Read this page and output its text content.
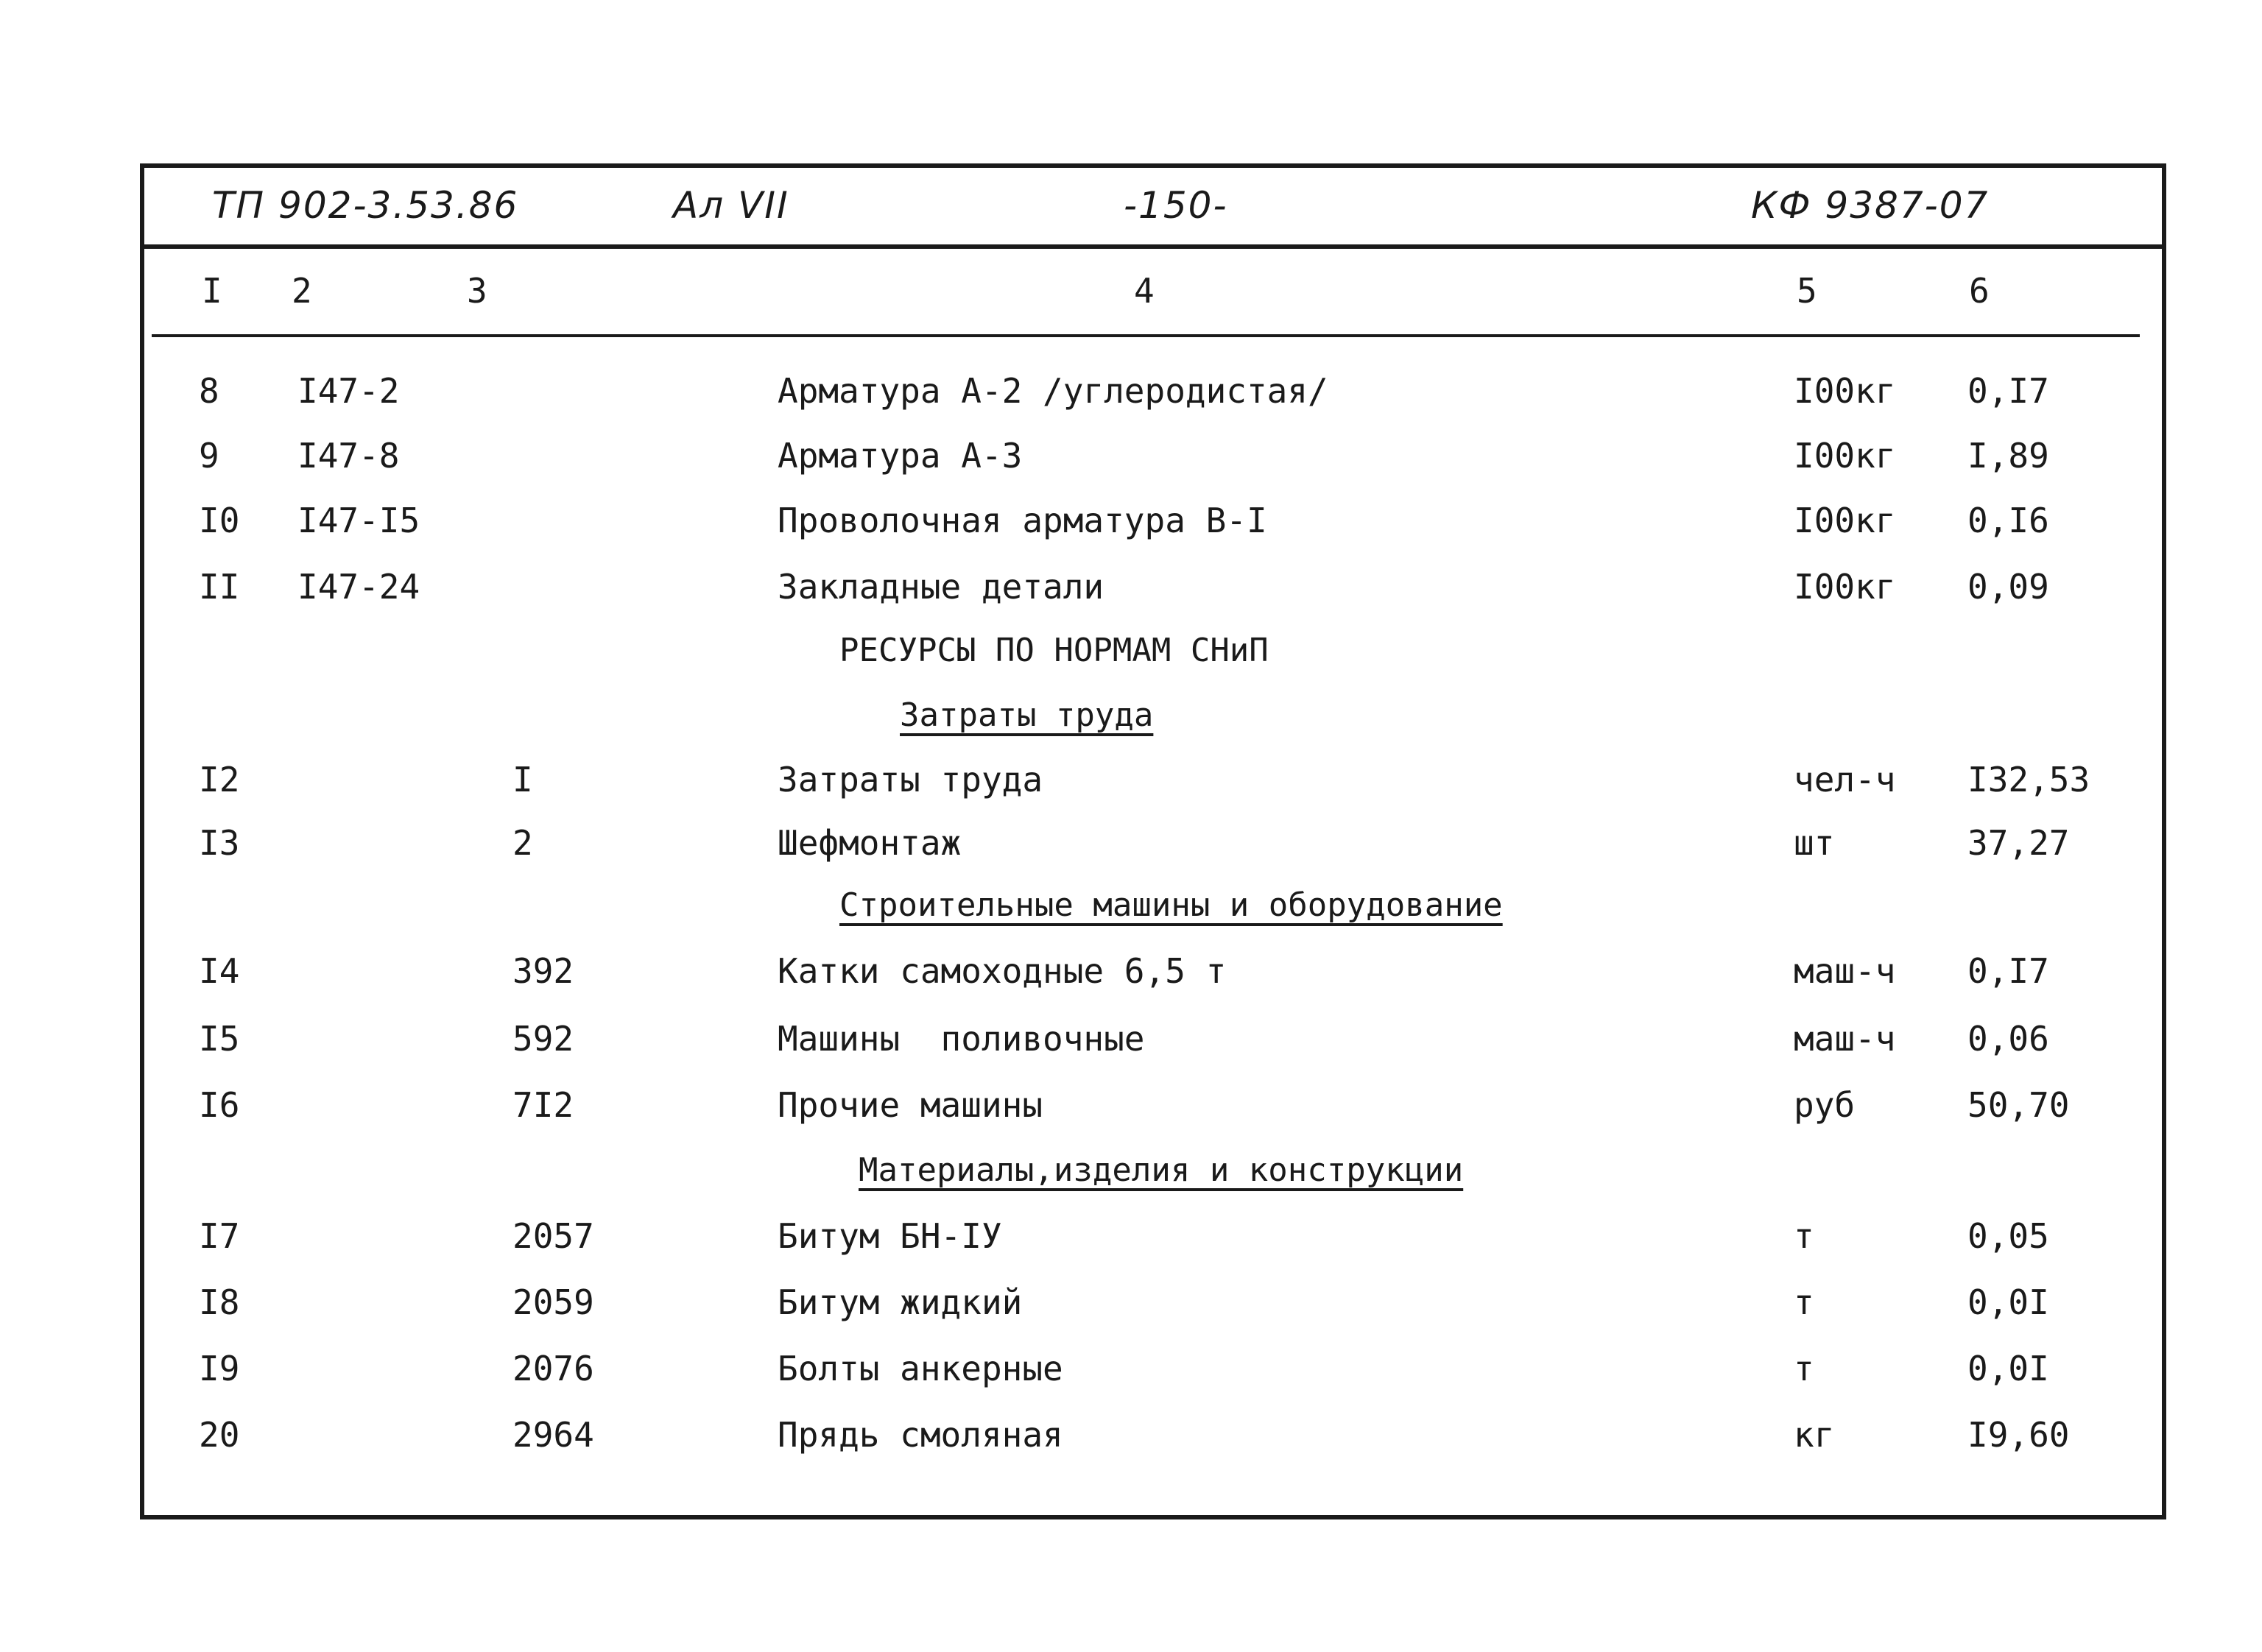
ТП 902-3.53.86	Ал VII	-150-	КФ 9387-07
I 2	3	4	5	6
8 I47-2	Арматура А-2 /углеродистая/	I00кг 0,I7
9 I47-8	Арматура А-3	I00кг I,89
I0 I47-I5	Проволочная арматура В-I	I00кг 0,I6
II I47-24	Закладные детали	I00кг 0,09
РЕСУРСЫ ПО НОРМАМ СНиП
Затраты труда
I2	I	Затраты труда	чел-ч I32,53
I3	2	Шефмонтаж	шт	37,27
Строительные машины и оборудование
I4	392	Катки самоходные 6,5 т	маш-ч 0,I7
I5	592	Машины  поливочные	маш-ч 0,06
I6	7I2	Прочие машины	руб	50,70
Материалы,изделия и конструкции
I7	2057	Битум БН-IУ	т	0,05
I8	2059	Битум жидкий	т	0,0I
I9	2076	Болты анкерные	т	0,0I
20	2964	Прядь смоляная	кг	I9,60
